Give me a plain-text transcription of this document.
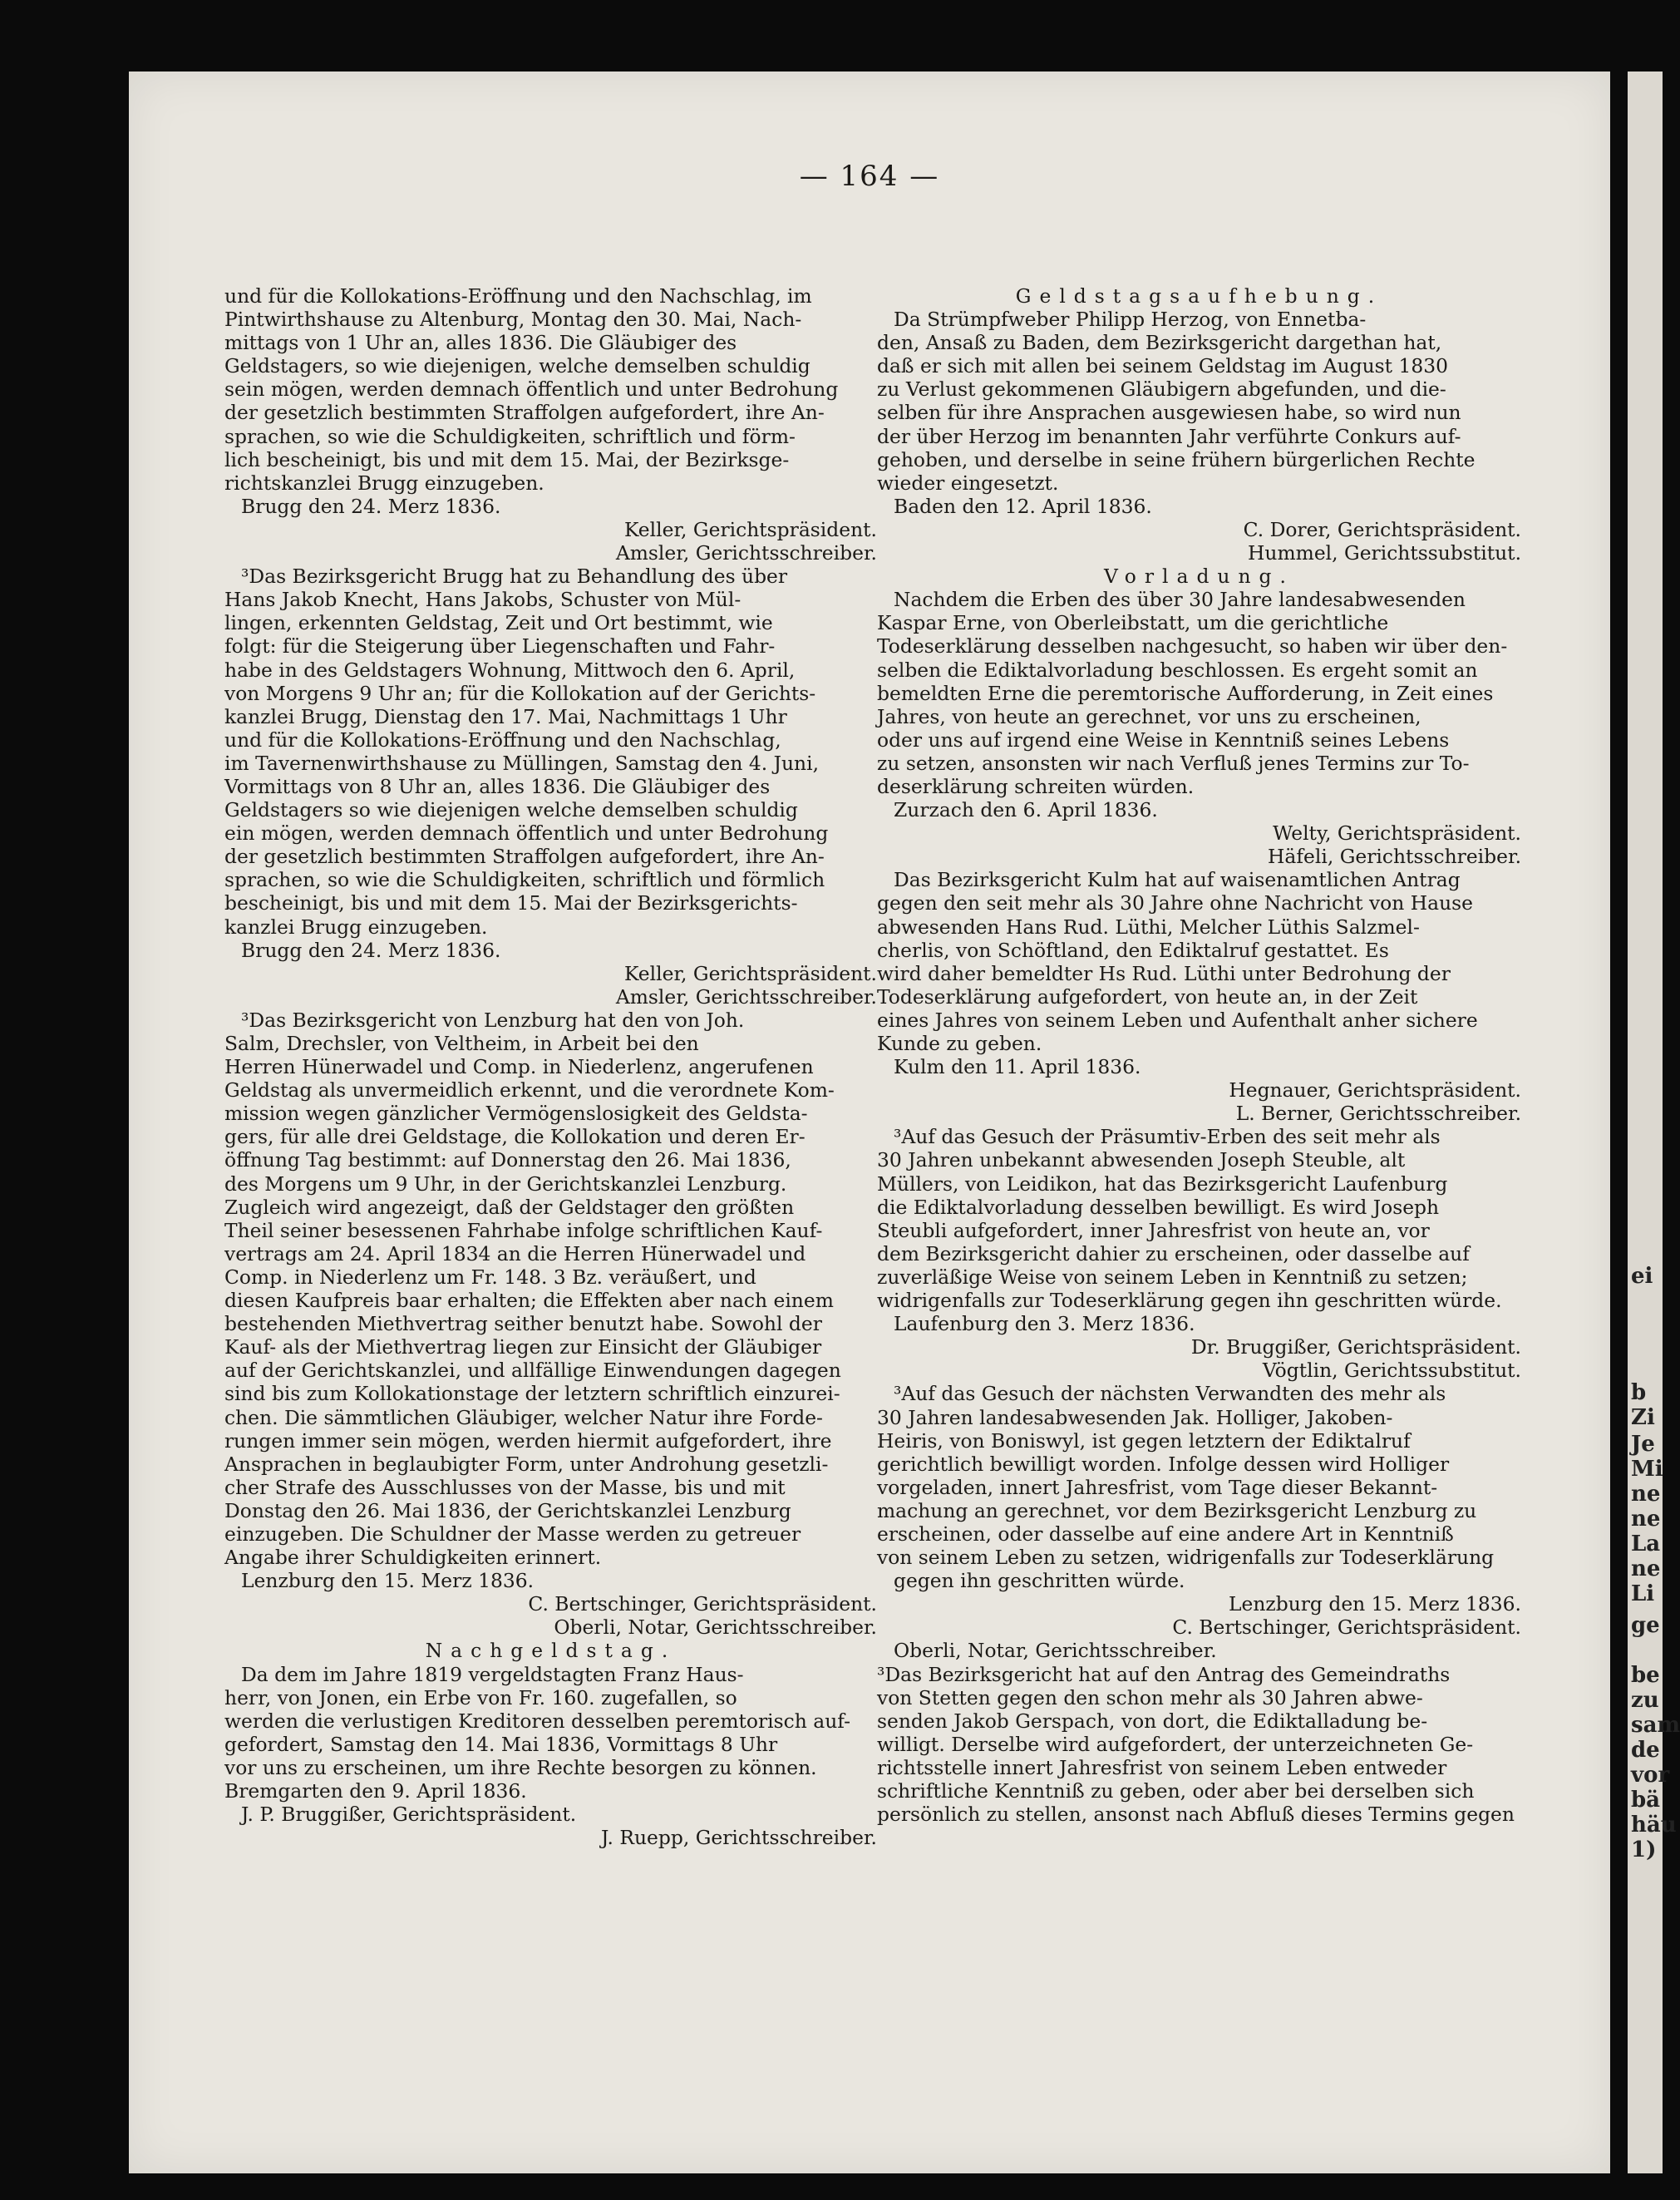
— 164 —
und für die Kollokations-Eröffnung und den Nachschlag, im
Pintwirthshause zu Altenburg, Montag den 30. Mai, Nach-
mittags von 1 Uhr an, alles 1836. Die Gläubiger des
Geldstagers, so wie diejenigen, welche demselben schuldig
sein mögen, werden demnach öffentlich und unter Bedrohung
der gesetzlich bestimmten Straffolgen aufgefordert, ihre An-
sprachen, so wie die Schuldigkeiten, schriftlich und förm-
lich bescheinigt, bis und mit dem 15. Mai, der Bezirksge-
richtskanzlei Brugg einzugeben.
Brugg den 24. Merz 1836.
Keller, Gerichtspräsident.
Amsler, Gerichtsschreiber.
³Das Bezirksgericht Brugg hat zu Behandlung des über
Hans Jakob Knecht, Hans Jakobs, Schuster von Mül-
lingen, erkennten Geldstag, Zeit und Ort bestimmt, wie
folgt: für die Steigerung über Liegenschaften und Fahr-
habe in des Geldstagers Wohnung, Mittwoch den 6. April,
von Morgens 9 Uhr an; für die Kollokation auf der Gerichts-
kanzlei Brugg, Dienstag den 17. Mai, Nachmittags 1 Uhr
und für die Kollokations-Eröffnung und den Nachschlag,
im Tavernenwirthshause zu Müllingen, Samstag den 4. Juni,
Vormittags von 8 Uhr an, alles 1836. Die Gläubiger des
Geldstagers so wie diejenigen welche demselben schuldig
ein mögen, werden demnach öffentlich und unter Bedrohung
der gesetzlich bestimmten Straffolgen aufgefordert, ihre An-
sprachen, so wie die Schuldigkeiten, schriftlich und förmlich
bescheinigt, bis und mit dem 15. Mai der Bezirksgerichts-
kanzlei Brugg einzugeben.
Brugg den 24. Merz 1836.
Keller, Gerichtspräsident.
Amsler, Gerichtsschreiber.
³Das Bezirksgericht von Lenzburg hat den von Joh.
Salm, Drechsler, von Veltheim, in Arbeit bei den
Herren Hünerwadel und Comp. in Niederlenz, angerufenen
Geldstag als unvermeidlich erkennt, und die verordnete Kom-
mission wegen gänzlicher Vermögenslosigkeit des Geldsta-
gers, für alle drei Geldstage, die Kollokation und deren Er-
öffnung Tag bestimmt: auf Donnerstag den 26. Mai 1836,
des Morgens um 9 Uhr, in der Gerichtskanzlei Lenzburg.
Zugleich wird angezeigt, daß der Geldstager den größten
Theil seiner besessenen Fahrhabe infolge schriftlichen Kauf-
vertrags am 24. April 1834 an die Herren Hünerwadel und
Comp. in Niederlenz um Fr. 148. 3 Bz. veräußert, und
diesen Kaufpreis baar erhalten; die Effekten aber nach einem
bestehenden Miethvertrag seither benutzt habe. Sowohl der
Kauf- als der Miethvertrag liegen zur Einsicht der Gläubiger
auf der Gerichtskanzlei, und allfällige Einwendungen dagegen
sind bis zum Kollokationstage der letztern schriftlich einzurei-
chen. Die sämmtlichen Gläubiger, welcher Natur ihre Forde-
rungen immer sein mögen, werden hiermit aufgefordert, ihre
Ansprachen in beglaubigter Form, unter Androhung gesetzli-
cher Strafe des Ausschlusses von der Masse, bis und mit
Donstag den 26. Mai 1836, der Gerichtskanzlei Lenzburg
einzugeben. Die Schuldner der Masse werden zu getreuer
Angabe ihrer Schuldigkeiten erinnert.
Lenzburg den 15. Merz 1836.
C. Bertschinger, Gerichtspräsident.
Oberli, Notar, Gerichtsschreiber.
Nachgeldstag.
Da dem im Jahre 1819 vergeldstagten Franz Haus-
herr, von Jonen, ein Erbe von Fr. 160. zugefallen, so
werden die verlustigen Kreditoren desselben peremtorisch auf-
gefordert, Samstag den 14. Mai 1836, Vormittags 8 Uhr
vor uns zu erscheinen, um ihre Rechte besorgen zu können.
Bremgarten den 9. April 1836.
J. P. Bruggißer, Gerichtspräsident.
J. Ruepp, Gerichtsschreiber.
Geldstagsaufhebung.
Da Strümpfweber Philipp Herzog, von Ennetba-
den, Ansaß zu Baden, dem Bezirksgericht dargethan hat,
daß er sich mit allen bei seinem Geldstag im August 1830
zu Verlust gekommenen Gläubigern abgefunden, und die-
selben für ihre Ansprachen ausgewiesen habe, so wird nun
der über Herzog im benannten Jahr verführte Conkurs auf-
gehoben, und derselbe in seine frühern bürgerlichen Rechte
wieder eingesetzt.
Baden den 12. April 1836.
C. Dorer, Gerichtspräsident.
Hummel, Gerichtssubstitut.
Vorladung.
Nachdem die Erben des über 30 Jahre landesabwesenden
Kaspar Erne, von Oberleibstatt, um die gerichtliche
Todeserklärung desselben nachgesucht, so haben wir über den-
selben die Ediktalvorladung beschlossen. Es ergeht somit an
bemeldten Erne die peremtorische Aufforderung, in Zeit eines
Jahres, von heute an gerechnet, vor uns zu erscheinen,
oder uns auf irgend eine Weise in Kenntniß seines Lebens
zu setzen, ansonsten wir nach Verfluß jenes Termins zur To-
deserklärung schreiten würden.
Zurzach den 6. April 1836.
Welty, Gerichtspräsident.
Häfeli, Gerichtsschreiber.
Das Bezirksgericht Kulm hat auf waisenamtlichen Antrag
gegen den seit mehr als 30 Jahre ohne Nachricht von Hause
abwesenden Hans Rud. Lüthi, Melcher Lüthis Salzmel-
cherlis, von Schöftland, den Ediktalruf gestattet. Es
wird daher bemeldter Hs Rud. Lüthi unter Bedrohung der
Todeserklärung aufgefordert, von heute an, in der Zeit
eines Jahres von seinem Leben und Aufenthalt anher sichere
Kunde zu geben.
Kulm den 11. April 1836.
Hegnauer, Gerichtspräsident.
L. Berner, Gerichtsschreiber.
³Auf das Gesuch der Präsumtiv-Erben des seit mehr als
30 Jahren unbekannt abwesenden Joseph Steuble, alt
Müllers, von Leidikon, hat das Bezirksgericht Laufenburg
die Ediktalvorladung desselben bewilligt. Es wird Joseph
Steubli aufgefordert, inner Jahresfrist von heute an, vor
dem Bezirksgericht dahier zu erscheinen, oder dasselbe auf
zuverläßige Weise von seinem Leben in Kenntniß zu setzen;
widrigenfalls zur Todeserklärung gegen ihn geschritten würde.
Laufenburg den 3. Merz 1836.
Dr. Bruggißer, Gerichtspräsident.
Vögtlin, Gerichtssubstitut.
³Auf das Gesuch der nächsten Verwandten des mehr als
30 Jahren landesabwesenden Jak. Holliger, Jakoben-
Heiris, von Boniswyl, ist gegen letztern der Ediktalruf
gerichtlich bewilligt worden. Infolge dessen wird Holliger
vorgeladen, innert Jahresfrist, vom Tage dieser Bekannt-
machung an gerechnet, vor dem Bezirksgericht Lenzburg zu
erscheinen, oder dasselbe auf eine andere Art in Kenntniß
von seinem Leben zu setzen, widrigenfalls zur Todeserklärung
gegen ihn geschritten würde.
Lenzburg den 15. Merz 1836.
C. Bertschinger, Gerichtspräsident.
Oberli, Notar, Gerichtsschreiber.
³Das Bezirksgericht hat auf den Antrag des Gemeindraths
von Stetten gegen den schon mehr als 30 Jahren abwe-
senden Jakob Gerspach, von dort, die Ediktalladung be-
willigt. Derselbe wird aufgefordert, der unterzeichneten Ge-
richtsstelle innert Jahresfrist von seinem Leben entweder
schriftliche Kenntniß zu geben, oder aber bei derselben sich
persönlich zu stellen, ansonst nach Abfluß dieses Termins gegen
ei
b
Zi
Je
Mi
ne
ne
La
ne
Li
ge
be
zu
sam
de
vor
bä
häu
1)
